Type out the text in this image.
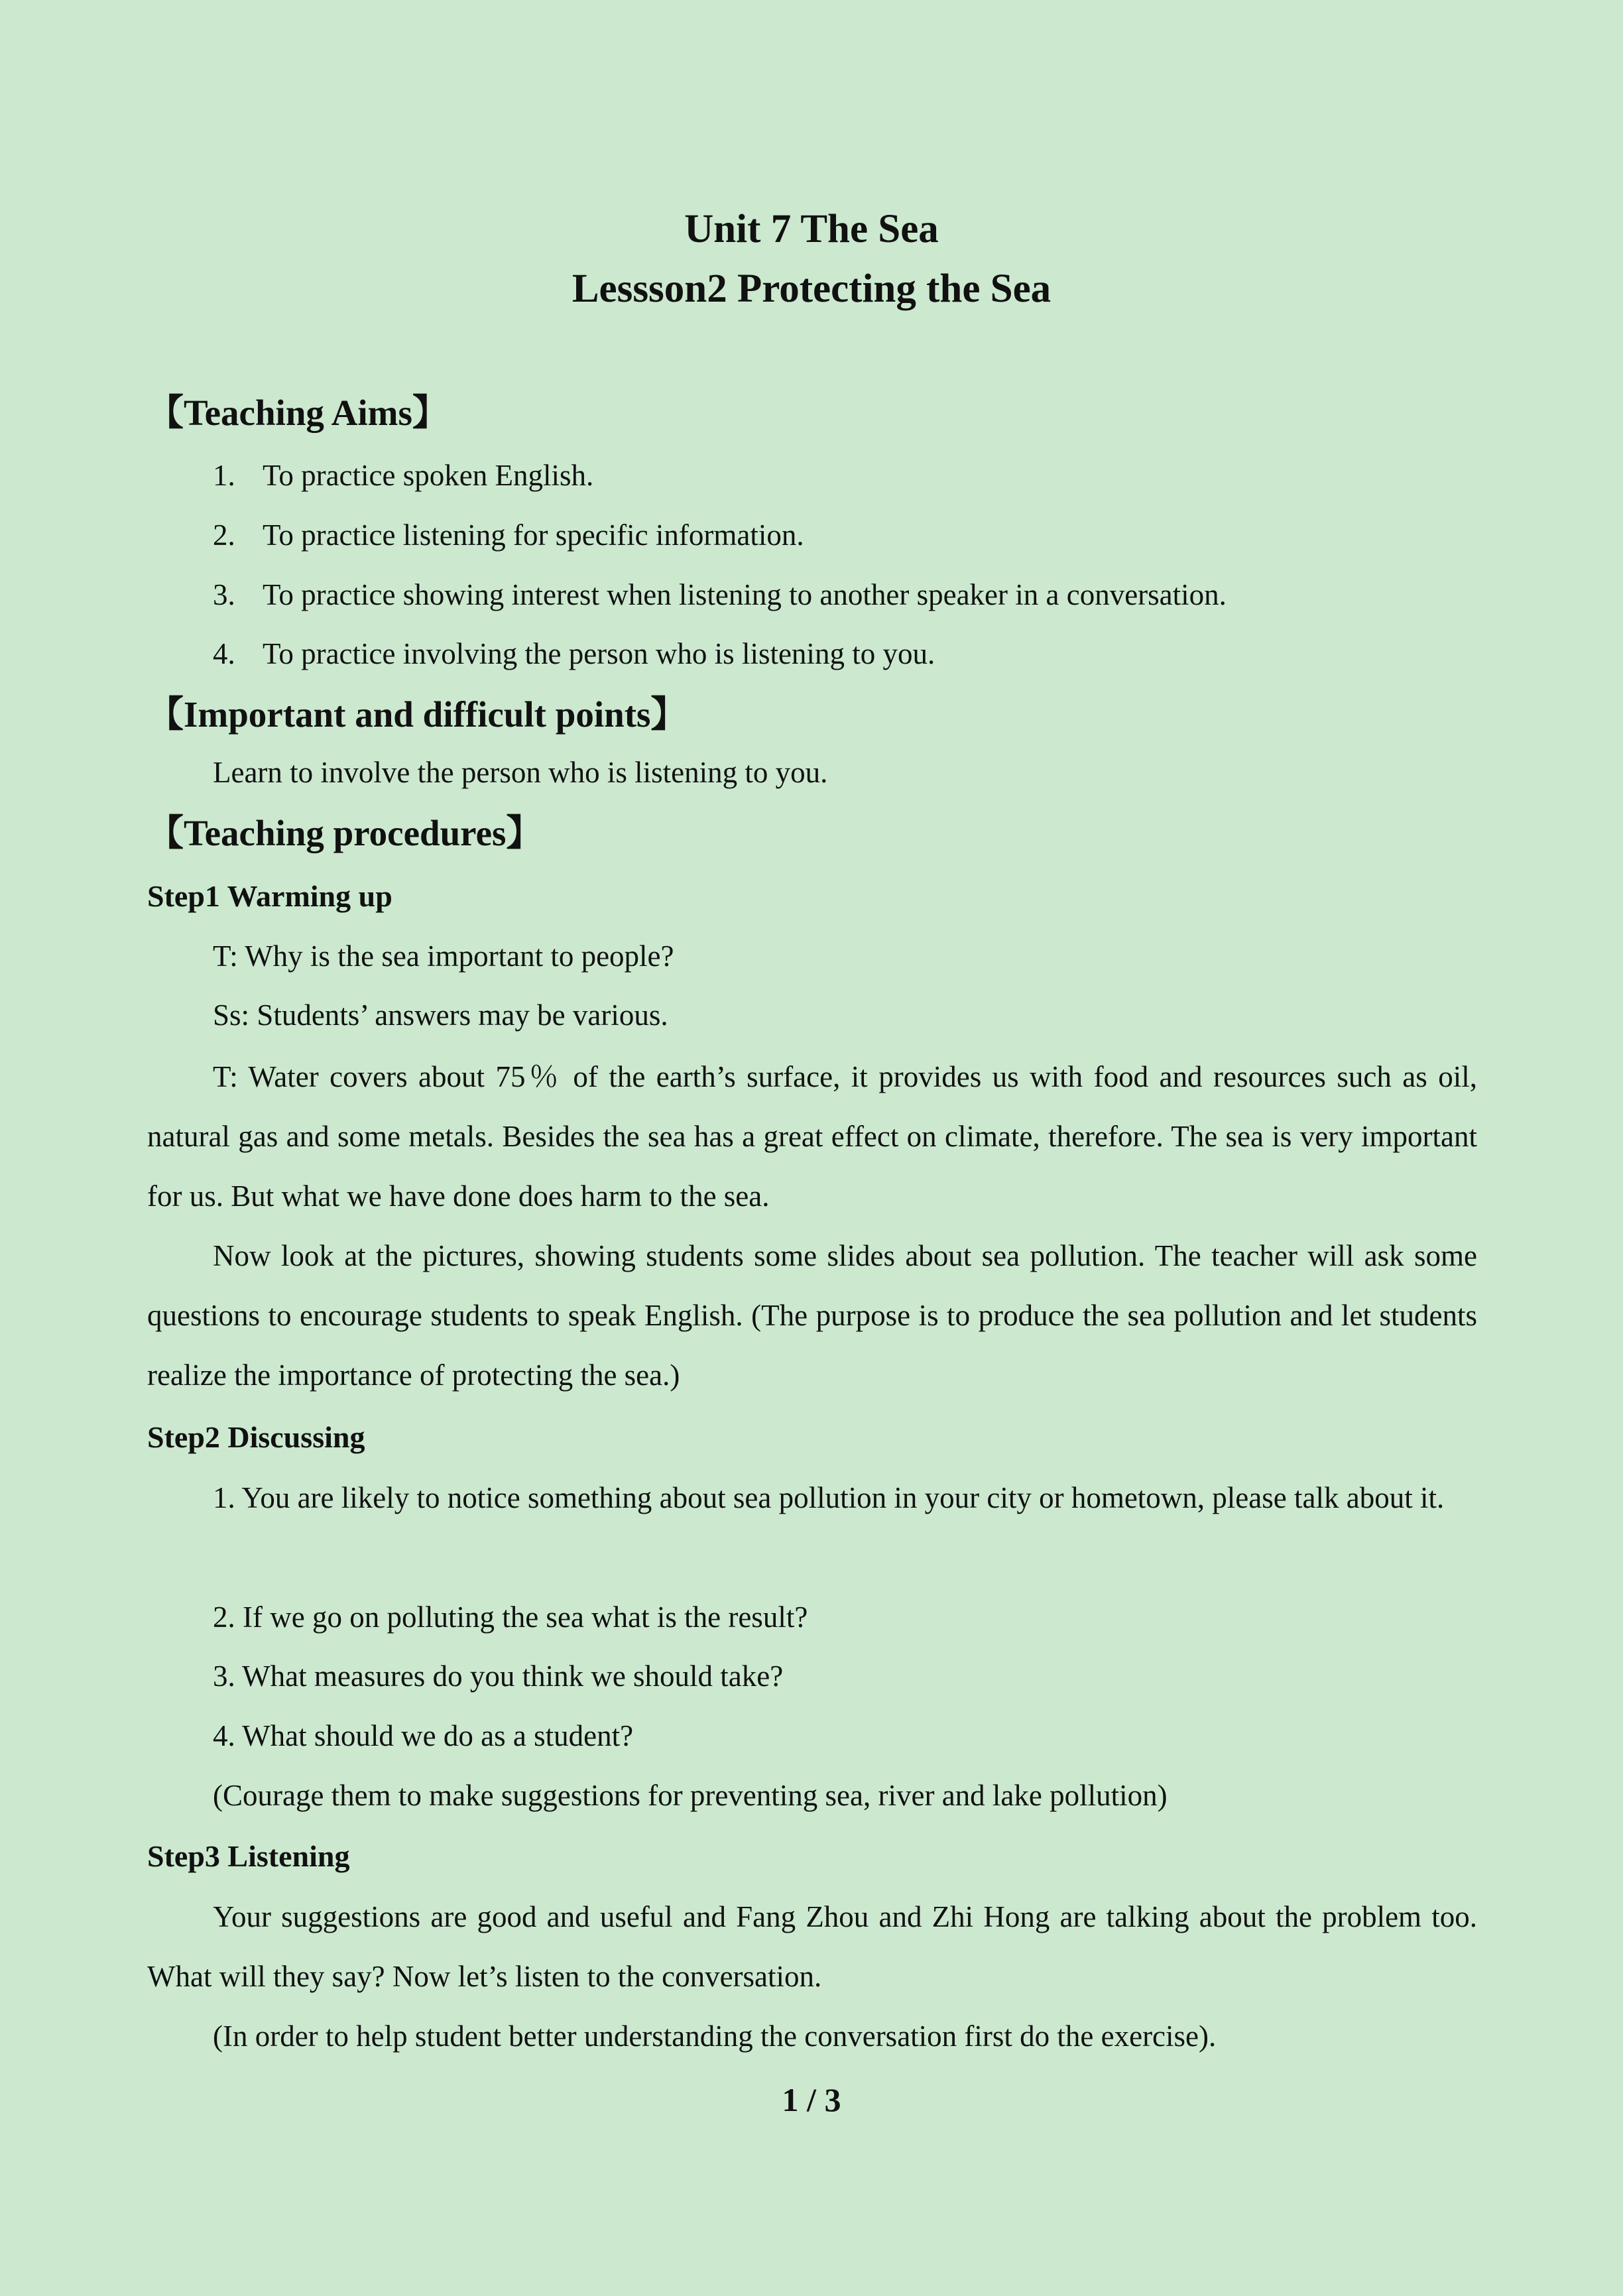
Unit 7 The Sea
Lessson2 Protecting the Sea
【Teaching Aims】
1. To practice spoken English.
2. To practice listening for specific information.
3. To practice showing interest when listening to another speaker in a conversation.
4. To practice involving the person who is listening to you.
【Important and difficult points】
Learn to involve the person who is listening to you.
【Teaching procedures】
Step1 Warming up
T: Why is the sea important to people?
Ss: Students’ answers may be various.
T: Water covers about 75％ of the earth’s surface, it provides us with food and resources such as oil, natural gas and some metals. Besides the sea has a great effect on climate, therefore. The sea is very important for us. But what we have done does harm to the sea.
Now look at the pictures, showing students some slides about sea pollution. The teacher will ask some questions to encourage students to speak English. (The purpose is to produce the sea pollution and let students realize the importance of protecting the sea.)
Step2 Discussing
1. You are likely to notice something about sea pollution in your city or hometown, please talk about it.
2. If we go on polluting the sea what is the result?
3. What measures do you think we should take?
4. What should we do as a student?
(Courage them to make suggestions for preventing sea, river and lake pollution)
Step3 Listening
Your suggestions are good and useful and Fang Zhou and Zhi Hong are talking about the problem too. What will they say? Now let’s listen to the conversation.
(In order to help student better understanding the conversation first do the exercise).
1 / 3
